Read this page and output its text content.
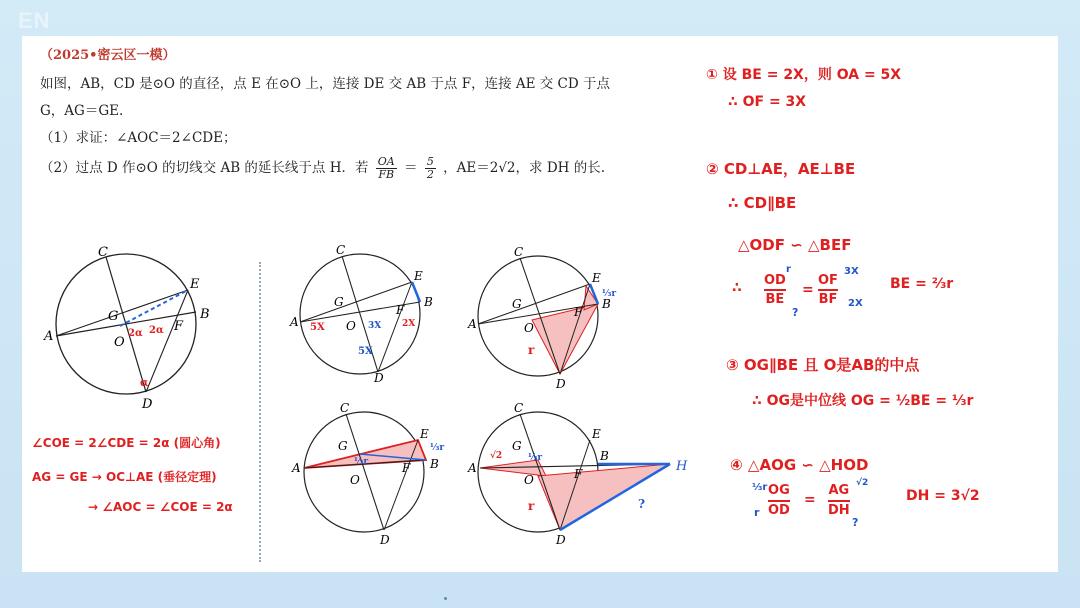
EN
（2025•密云区一模）
如图，AB，CD 是⊙O 的直径，点 E 在⊙O 上，连接 DE 交 AB 于点 F，连接 AE 交 CD 于点
G，AG＝GE.
（1）求证：∠AOC＝2∠CDE；
（2）过点 D 作⊙O 的切线交 AB 的延长线于点 H．若 $\frac{OA}{FB} = \frac{5}{2}$ ，AE＝2√2，求 DH 的长.
A
B
C
D
E
F
G
O
2α 2α
α
∠COE = 2∠CDE = 2α (圆心角)
AG = GE → OC⊥AE (垂径定理)
→ ∠AOC = ∠COE = 2α
C
A
B
E
D
O
G
F
5X	3X 2X
5X
C
A
B
E
D
O
G
F
r
⅓r
C
A	B
E
D
O
G
F
⅓r
⅓r
C
A
B
E
D
O
G
F	H
r	?
√2	⅓r
① 设 BE = 2X，则 OA = 5X
∴ OF = 3X
② CD⊥AE，AE⊥BE
∴ CD∥BE
△ODF ∽ △BEF
∴ $\frac{OD}{BE} = \frac{OF}{BF}$
r
?
3X
2X
BE = ⅔r
③ OG∥BE 且 O是AB的中点
∴ OG是中位线 OG = ½BE = ⅓r
④ △AOG ∽ △HOD
⅓r $\frac{OG}{OD}$
r
= $\frac{AG}{DH} √2$
?
DH = 3√2
